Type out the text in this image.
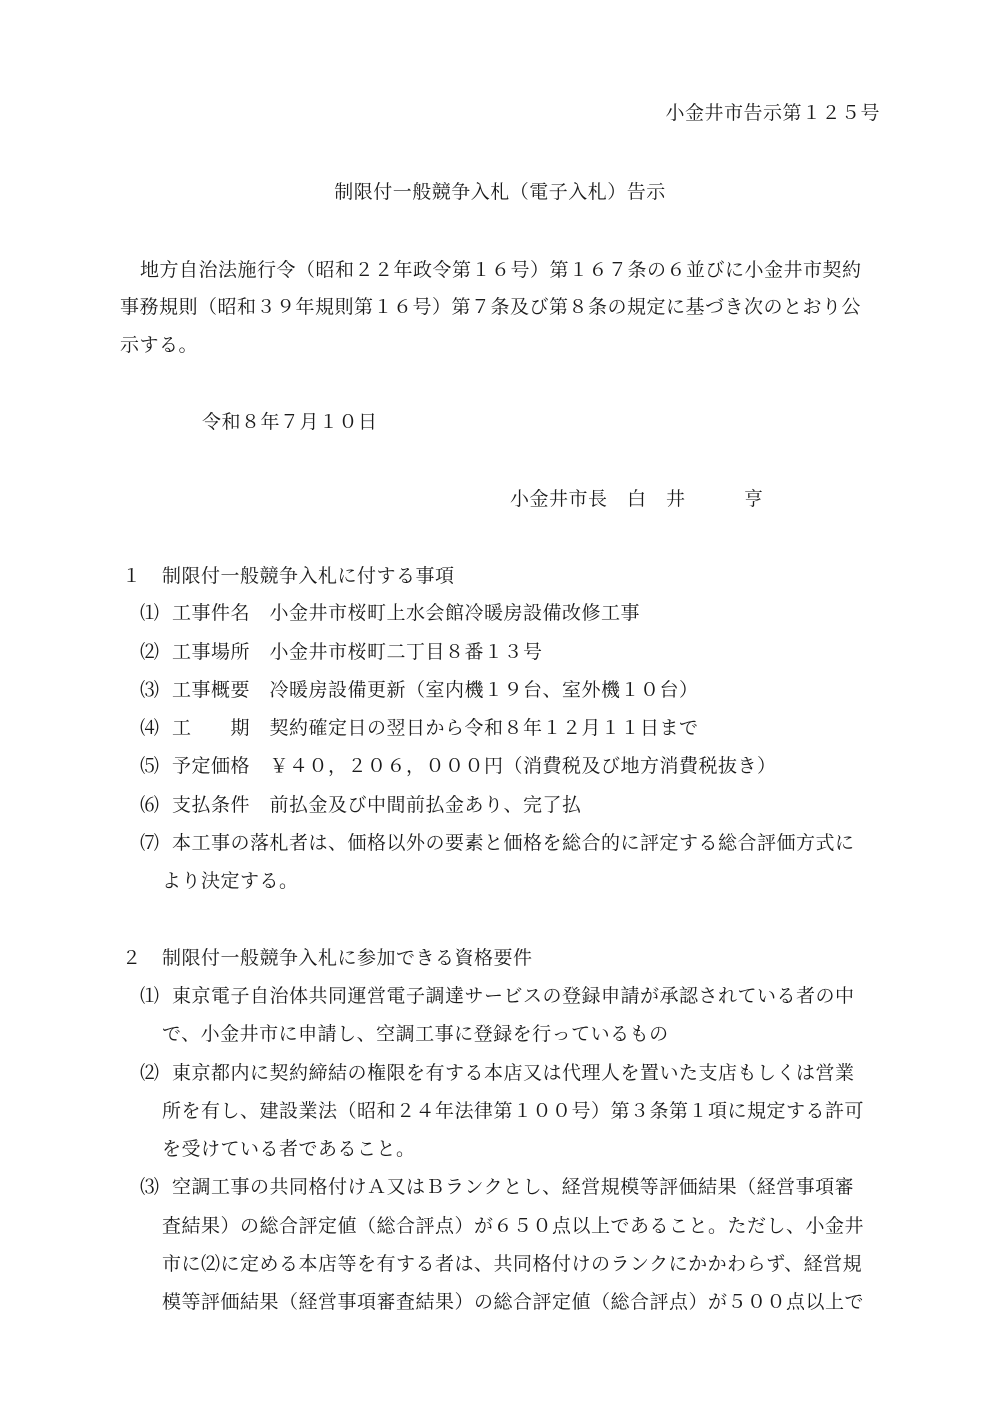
小金井市告示第１２５号
制限付一般競争入札（電子入札）告示
地方自治法施行令（昭和２２年政令第１６号）第１６７条の６並びに小金井市契約
事務規則（昭和３９年規則第１６号）第７条及び第８条の規定に基づき次のとおり公
示する。
令和８年７月１０日
小金井市長　白　井　　　亨
１ 制限付一般競争入札に付する事項
⑴ 工事件名　小金井市桜町上水会館冷暖房設備改修工事
⑵ 工事場所　小金井市桜町二丁目８番１３号
⑶ 工事概要　冷暖房設備更新（室内機１９台、室外機１０台）
⑷ 工　　期　契約確定日の翌日から令和８年１２月１１日まで
⑸ 予定価格　￥４０，２０６，０００円（消費税及び地方消費税抜き）
⑹ 支払条件　前払金及び中間前払金あり、完了払
⑺ 本工事の落札者は、価格以外の要素と価格を総合的に評定する総合評価方式に
より決定する。
２ 制限付一般競争入札に参加できる資格要件
⑴ 東京電子自治体共同運営電子調達サービスの登録申請が承認されている者の中
で、小金井市に申請し、空調工事に登録を行っているもの
⑵ 東京都内に契約締結の権限を有する本店又は代理人を置いた支店もしくは営業
所を有し、建設業法（昭和２４年法律第１００号）第３条第１項に規定する許可
を受けている者であること。
⑶ 空調工事の共同格付けＡ又はＢランクとし、経営規模等評価結果（経営事項審
査結果）の総合評定値（総合評点）が６５０点以上であること。ただし、小金井
市に⑵に定める本店等を有する者は、共同格付けのランクにかかわらず、経営規
模等評価結果（経営事項審査結果）の総合評定値（総合評点）が５００点以上で
